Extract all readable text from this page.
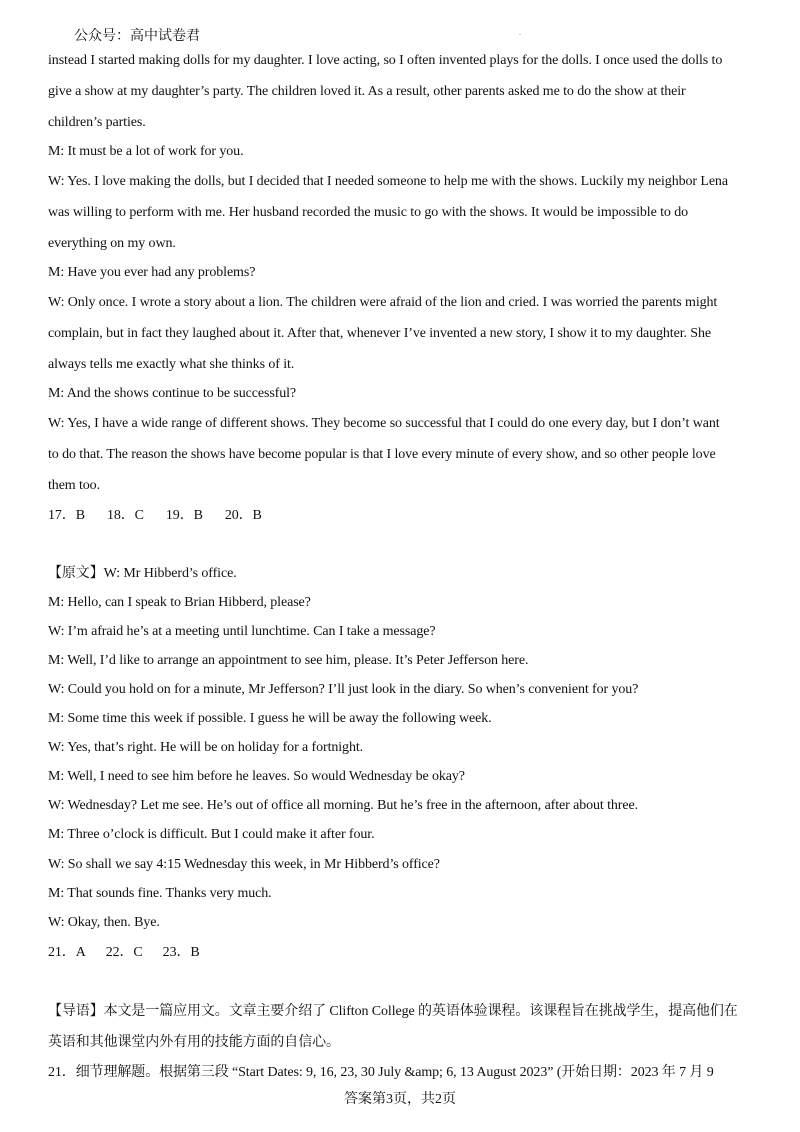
公众号：高中试卷君	.
instead I started making dolls for my daughter. I love acting, so I often invented plays for the dolls. I once used the dolls to
give a show at my daughter’s party. The children loved it. As a result, other parents asked me to do the show at their
children’s parties.
M: It must be a lot of work for you.
W: Yes. I love making the dolls, but I decided that I needed someone to help me with the shows. Luckily my neighbor Lena
was willing to perform with me. Her husband recorded the music to go with the shows. It would be impossible to do
everything on my own.
M: Have you ever had any problems?
W: Only once. I wrote a story about a lion. The children were afraid of the lion and cried. I was worried the parents might
complain, but in fact they laughed about it. After that, whenever I’ve invented a new story, I show it to my daughter. She
always tells me exactly what she thinks of it.
M: And the shows continue to be successful?
W: Yes, I have a wide range of different shows. They become so successful that I could do one every day, but I don’t want
to do that. The reason the shows have become popular is that I love every minute of every show, and so other people love
them too.
17．B 18．C 19．B 20．B
【原文】W: Mr Hibberd’s office.
M: Hello, can I speak to Brian Hibberd, please?
W: I’m afraid he’s at a meeting until lunchtime. Can I take a message?
M: Well, I’d like to arrange an appointment to see him, please. It’s Peter Jefferson here.
W: Could you hold on for a minute, Mr Jefferson? I’ll just look in the diary. So when’s convenient for you?
M: Some time this week if possible. I guess he will be away the following week.
W: Yes, that’s right. He will be on holiday for a fortnight.
M: Well, I need to see him before he leaves. So would Wednesday be okay?
W: Wednesday? Let me see. He’s out of office all morning. But he’s free in the afternoon, after about three.
M: Three o’clock is difficult. But I could make it after four.
W: So shall we say 4:15 Wednesday this week, in Mr Hibberd’s office?
M: That sounds fine. Thanks very much.
W: Okay, then. Bye.
21．A 22．C 23．B
【导语】本文是一篇应用文。文章主要介绍了 Clifton College 的英语体验课程。该课程旨在挑战学生，提高他们在
英语和其他课堂内外有用的技能方面的自信心。
21．细节理解题。根据第三段 “Start Dates: 9, 16, 23, 30 July &amp; 6, 13 August 2023” (开始日期：2023 年 7 月 9
答案第3页，共2页
